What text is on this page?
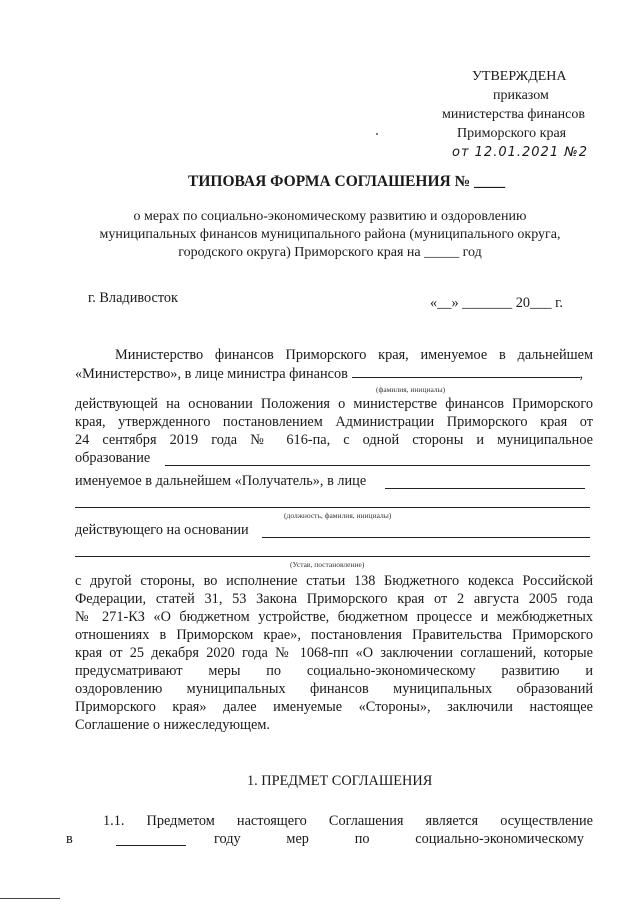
УТВЕРЖДЕНА
приказом
министерства финансов
Приморского края
от 12.01.2021 №2
ТИПОВАЯ ФОРМА СОГЛАШЕНИЯ № ____
о мерах по социально-экономическому развитию и оздоровлению
муниципальных финансов муниципального района (муниципального округа,
городского округа) Приморского края на _____ год
г. Владивосток	«__» _______ 20___ г.
Министерство финансов Приморского края, именуемое в дальнейшем
«Министерство», в лице министра финансов	,
(фамилия, инициалы)
действующей на основании Положения о министерстве финансов Приморского
края, утвержденного постановлением Администрации Приморского края от
24 сентября 2019 года № 616-па, с одной стороны и муниципальное
образование
именуемое в дальнейшем «Получатель», в лице
(должность, фамилия, инициалы)
действующего на основании
(Устав, постановление)
с другой стороны, во исполнение статьи 138 Бюджетного кодекса Российской
Федерации, статей 31, 53 Закона Приморского края от 2 августа 2005 года
№ 271-КЗ «О бюджетном устройстве, бюджетном процессе и межбюджетных
отношениях в Приморском крае», постановления Правительства Приморского
края от 25 декабря 2020 года № 1068-пп «О заключении соглашений, которые
предусматривают меры по социально-экономическому развитию и
оздоровлению муниципальных финансов муниципальных образований
Приморского края» далее именуемые «Стороны», заключили настоящее
Соглашение о нижеследующем.
1. ПРЕДМЕТ СОГЛАШЕНИЯ
1.1. Предметом настоящего Соглашения является осуществление
в	году мер по социально-экономическому
